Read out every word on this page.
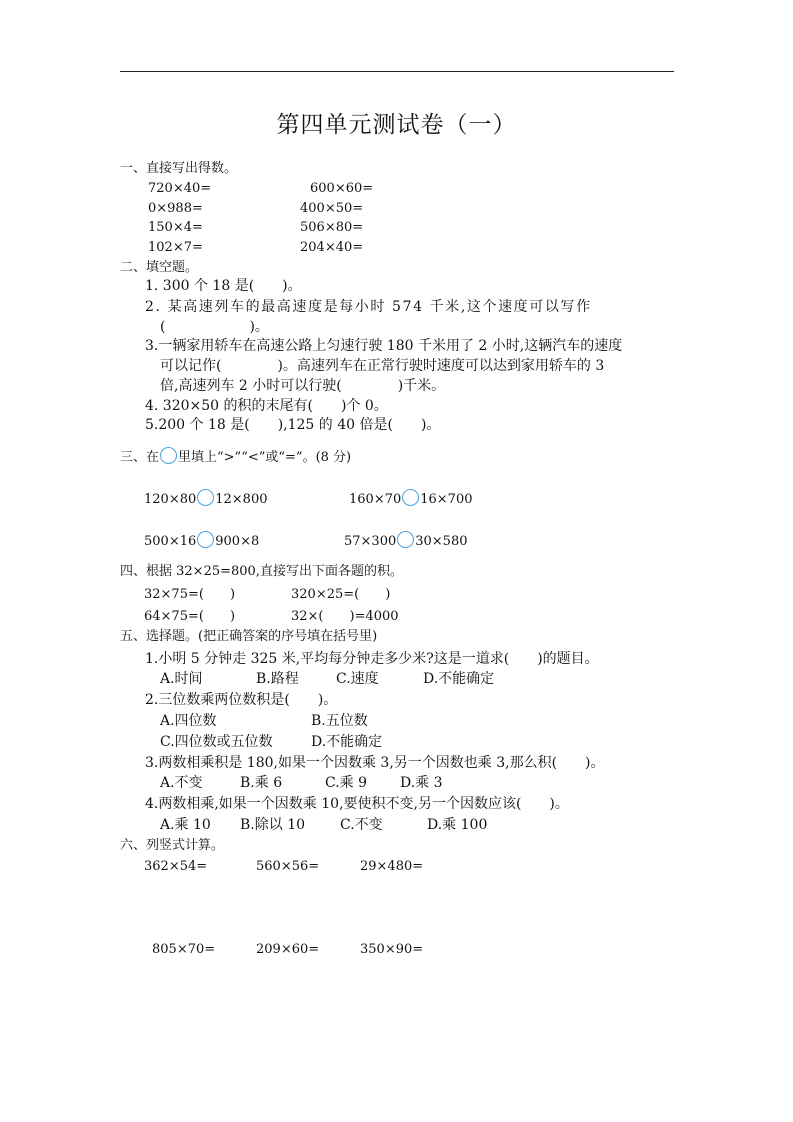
第四单元测试卷（一）
一、直接写出得数。
720×40=	600×60=
0×988=	400×50=
150×4=	506×80=
102×7=	204×40=
二、填空题。
1. 300 个 18 是(　　)。
2. 某高速列车的最高速度是每小时 574 千米,这个速度可以写作
(　　　　　　)。
3.一辆家用轿车在高速公路上匀速行驶 180 千米用了 2 小时,这辆汽车的速度
可以记作(　　　　)。高速列车在正常行驶时速度可以达到家用轿车的 3
倍,高速列车 2 小时可以行驶(　　　　)千米。
4. 320×50 的积的末尾有(　　)个 0。
5.200 个 18 是(　　),125 的 40 倍是(　　)。
三、在 里填上“>”“<”或“=”。(8 分)
120×80 12×800	160×70 16×700
500×16 900×8	57×300 30×580
四、根据 32×25=800,直接写出下面各题的积。
32×75=(　　)	320×25=(　　)
64×75=(　　)	32×(　　)=4000
五、选择题。(把正确答案的序号填在括号里)
1.小明 5 分钟走 325 米,平均每分钟走多少米?这是一道求(　　)的题目。
A.时间	B.路程	C.速度	D.不能确定
2.三位数乘两位数积是(　　)。
A.四位数	B.五位数
C.四位数或五位数	D.不能确定
3.两数相乘积是 180,如果一个因数乘 3,另一个因数也乘 3,那么积(　　)。
A.不变	B.乘 6	C.乘 9 D.乘 3
4.两数相乘,如果一个因数乘 10,要使积不变,另一个因数应该(　　)。
A.乘 10 B.除以 10 C.不变	D.乘 100
六、列竖式计算。
362×54=	560×56=	29×480=
805×70=	209×60=	350×90=
